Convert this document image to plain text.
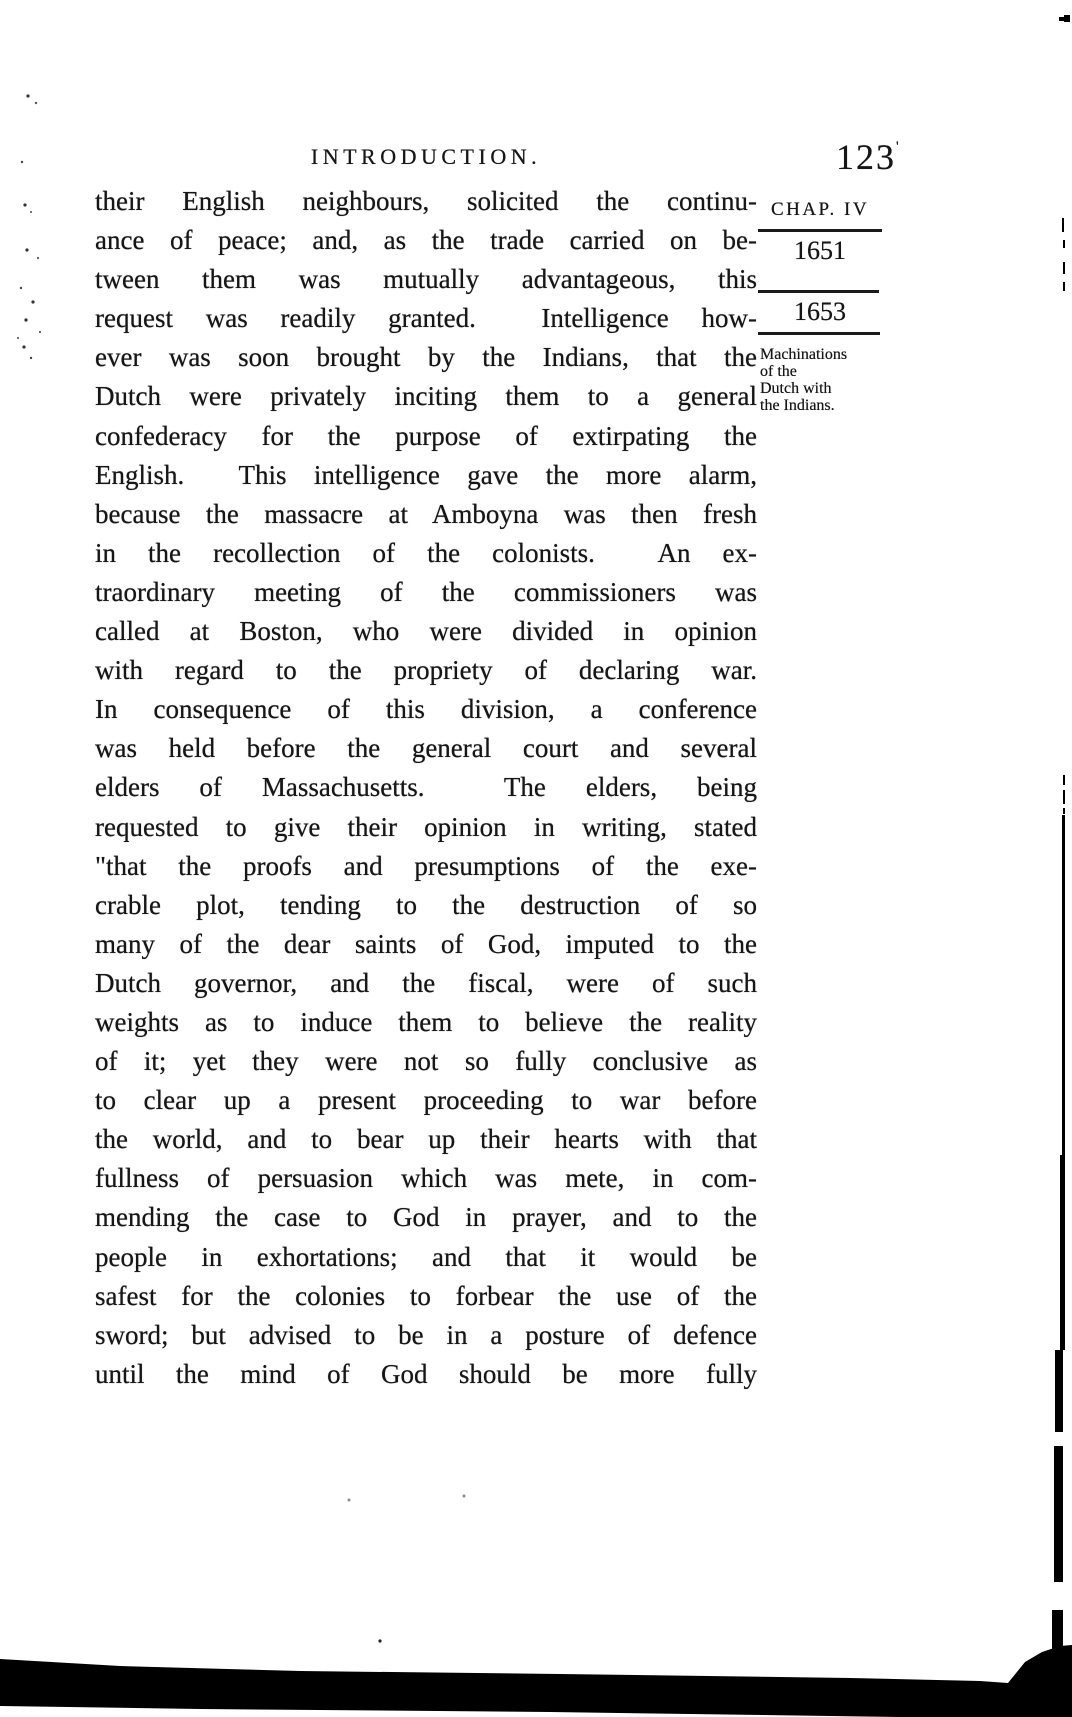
INTRODUCTION.	123'
their English neighbours, solicited the continu-
ance of peace; and, as the trade carried on be-
tween them was mutually advantageous, this
request was readily granted.  Intelligence how-
ever was soon brought by the Indians, that the
Dutch were privately inciting them to a general
confederacy for the purpose of extirpating the
English.  This intelligence gave the more alarm,
because the massacre at Amboyna was then fresh
in the recollection of the colonists.  An ex-
traordinary meeting of the commissioners was
called at Boston, who were divided in opinion
with regard to the propriety of declaring war.
In consequence of this division, a conference
was held before the general court and several
elders of Massachusetts.  The elders, being
requested to give their opinion in writing, stated
"that the proofs and presumptions of the exe-
crable plot, tending to the destruction of so
many of the dear saints of God, imputed to the
Dutch governor, and the fiscal, were of such
weights as to induce them to believe the reality
of it; yet they were not so fully conclusive as
to clear up a present proceeding to war before
the world, and to bear up their hearts with that
fullness of persuasion which was mete, in com-
mending the case to God in prayer, and to the
people in exhortations; and that it would be
safest for the colonies to forbear the use of the
sword; but advised to be in a posture of defence
until the mind of God should be more fully
CHAP. IV
1651
1653
Machinations
of the
Dutch with
the Indians.
